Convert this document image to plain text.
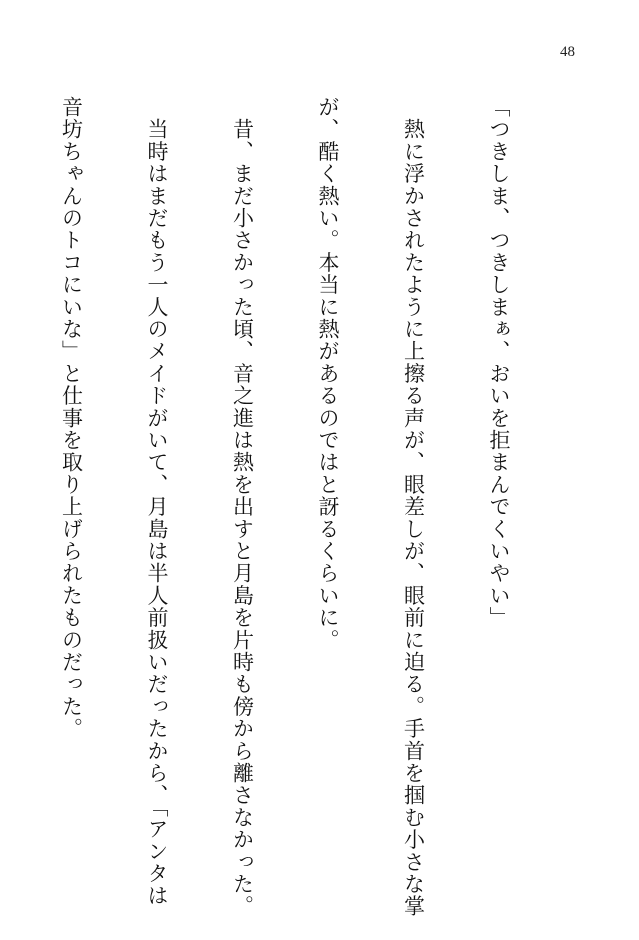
48

「つきしま、つきしまぁ、おいを拒まんでくいやい」

　熱に浮かされたように上擦る声が、眼差しが、眼前に迫る。手首を掴む小さな掌

が、酷く熱い。本当に熱があるのではと訝るくらいに。

　昔、まだ小さかった頃、音之進は熱を出すと月島を片時も傍から離さなかった。

　当時はまだもう一人のメイドがいて、月島は半人前扱いだったから、「アンタは

音坊ちゃんのトコにいな」と仕事を取り上げられたものだった。
